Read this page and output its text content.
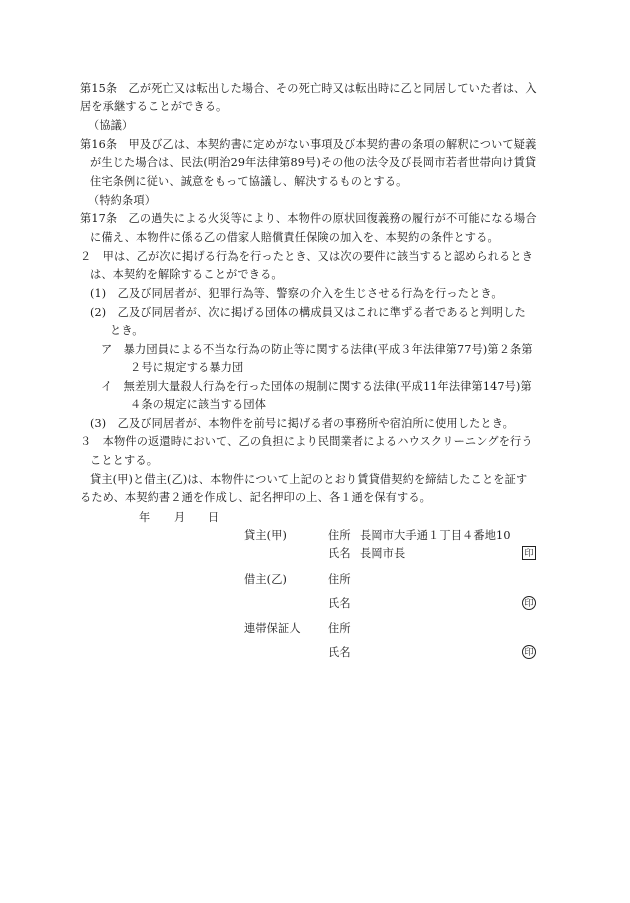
第15条　乙が死亡又は転出した場合、その死亡時又は転出時に乙と同居していた者は、入
居を承継することができる。
（協議）
第16条　甲及び乙は、本契約書に定めがない事項及び本契約書の条項の解釈について疑義
が生じた場合は、民法(明治29年法律第89号)その他の法令及び長岡市若者世帯向け賃貸
住宅条例に従い、誠意をもって協議し、解決するものとする。
（特約条項）
第17条　乙の過失による火災等により、本物件の原状回復義務の履行が不可能になる場合
に備え、本物件に係る乙の借家人賠償責任保険の加入を、本契約の条件とする。
２　甲は、乙が次に掲げる行為を行ったとき、又は次の要件に該当すると認められるとき
は、本契約を解除することができる。
(1)　乙及び同居者が、犯罪行為等、警察の介入を生じさせる行為を行ったとき。
(2)　乙及び同居者が、次に掲げる団体の構成員又はこれに準ずる者であると判明した
とき。
ア　暴力団員による不当な行為の防止等に関する法律(平成３年法律第77号)第２条第
２号に規定する暴力団
イ　無差別大量殺人行為を行った団体の規制に関する法律(平成11年法律第147号)第
４条の規定に該当する団体
(3)　乙及び同居者が、本物件を前号に掲げる者の事務所や宿泊所に使用したとき。
３　本物件の返還時において、乙の負担により民間業者によるハウスクリーニングを行う
こととする。
貸主(甲)と借主(乙)は、本物件について上記のとおり賃貸借契約を締結したことを証す
るため、本契約書２通を作成し、記名押印の上、各１通を保有する。
年 月 日
貸主(甲)	住所 長岡市大手通１丁目４番地10
氏名 長岡市長	印
借主(乙)	住所
氏名	印
連帯保証人 住所
氏名	印
